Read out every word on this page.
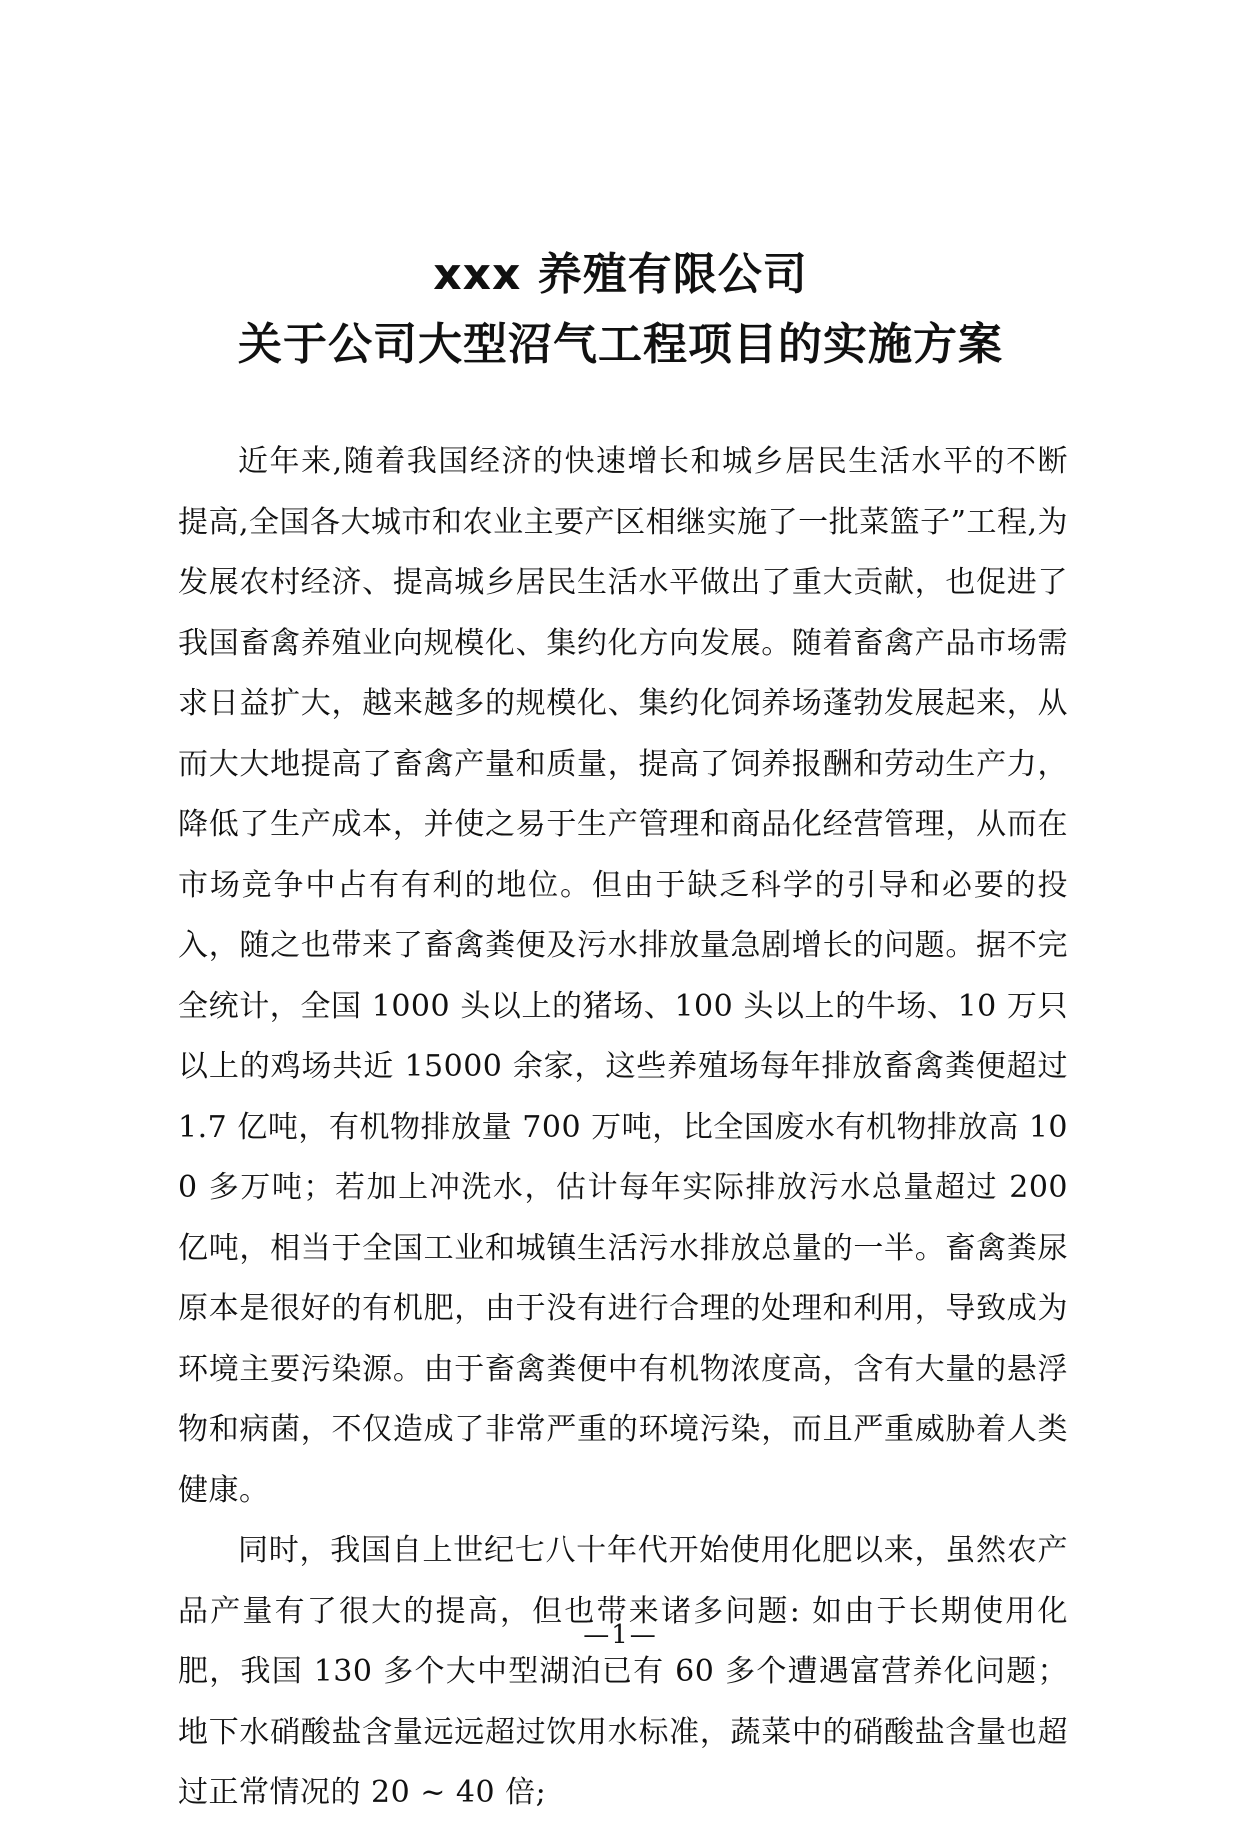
xxx 养殖有限公司
关于公司大型沼气工程项目的实施方案

近年来,随着我国经济的快速增长和城乡居民生活水平的不断提高,全国各大城市和农业主要产区相继实施了一批菜篮子”工程,为发展农村经济、提高城乡居民生活水平做出了重大贡献，也促进了我国畜禽养殖业向规模化、集约化方向发展。随着畜禽产品市场需求日益扩大，越来越多的规模化、集约化饲养场蓬勃发展起来，从而大大地提高了畜禽产量和质量，提高了饲养报酬和劳动生产力，降低了生产成本，并使之易于生产管理和商品化经营管理，从而在市场竞争中占有有利的地位。但由于缺乏科学的引导和必要的投入，随之也带来了畜禽粪便及污水排放量急剧增长的问题。据不完全统计，全国 1000 头以上的猪场、100 头以上的牛场、10 万只以上的鸡场共近 15000 余家，这些养殖场每年排放畜禽粪便超过 1.7 亿吨，有机物排放量 700 万吨，比全国废水有机物排放高 100 多万吨；若加上冲洗水，估计每年实际排放污水总量超过 200 亿吨，相当于全国工业和城镇生活污水排放总量的一半。畜禽粪尿原本是很好的有机肥，由于没有进行合理的处理和利用，导致成为环境主要污染源。由于畜禽粪便中有机物浓度高，含有大量的悬浮物和病菌，不仅造成了非常严重的环境污染，而且严重威胁着人类健康。

同时，我国自上世纪七八十年代开始使用化肥以来，虽然农产品产量有了很大的提高，但也带来诸多问题: 如由于长期使用化肥，我国 130 多个大中型湖泊已有 60 多个遭遇富营养化问题；地下水硝酸盐含量远远超过饮用水标准，蔬菜中的硝酸盐含量也超过正常情况的 20 ~ 40 倍;

—1—
